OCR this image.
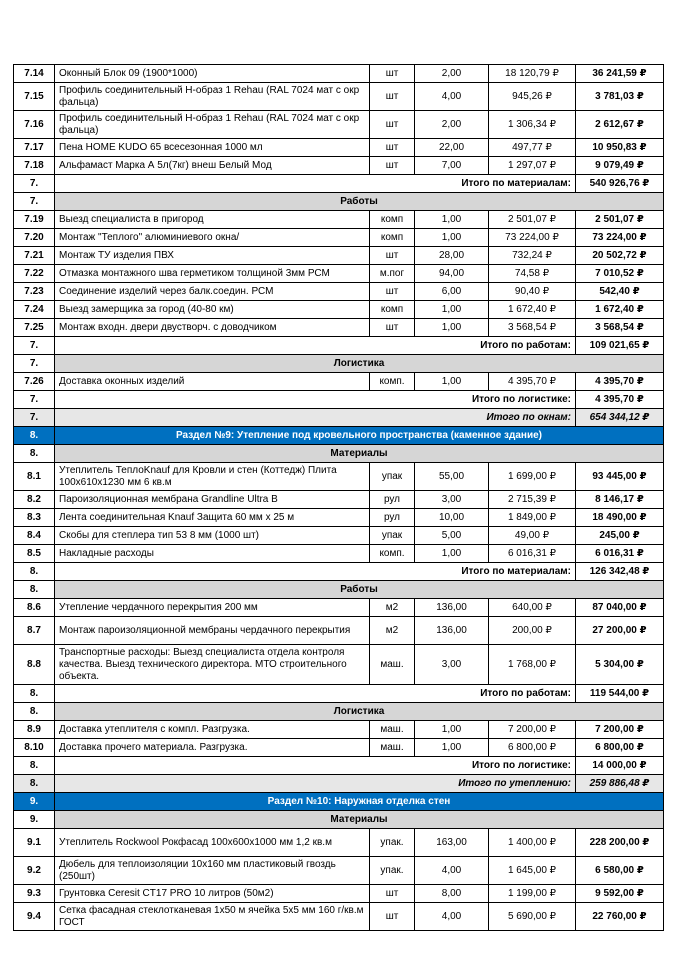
7.14	Оконный Блок 09 (1900*1000)	шт	2,00	18 120,79 ₽	36 241,59 ₽
7.15	Профиль соединительный Н-образ 1 Rehau (RAL 7024 мат с окр фальца)	шт	4,00	945,26 ₽	3 781,03 ₽
7.16	Профиль соединительный Н-образ 1 Rehau (RAL 7024 мат с окр фальца)	шт	2,00	1 306,34 ₽	2 612,67 ₽
7.17	Пена HOME KUDO 65 всесезонная 1000 мл	шт	22,00	497,77 ₽	10 950,83 ₽
7.18	Альфамаст Марка А 5л(7кг) внеш Белый Мод	шт	7,00	1 297,07 ₽	9 079,49 ₽
7.	Итого по материалам:				540 926,76 ₽
7.	Работы				
7.19	Выезд специалиста в пригород	комп	1,00	2 501,07 ₽	2 501,07 ₽
7.20	Монтаж "Теплого" алюминиевого окна/	комп	1,00	73 224,00 ₽	73 224,00 ₽
7.21	Монтаж ТУ изделия ПВХ	шт	28,00	732,24 ₽	20 502,72 ₽
7.22	Отмазка монтажного шва герметиком толщиной 3мм РСМ	м.пог	94,00	74,58 ₽	7 010,52 ₽
7.23	Соединение изделий через балк.соедин. РСМ	шт	6,00	90,40 ₽	542,40 ₽
7.24	Выезд замерщика за город (40-80 км)	комп	1,00	1 672,40 ₽	1 672,40 ₽
7.25	Монтаж входн. двери двустворч. с доводчиком	шт	1,00	3 568,54 ₽	3 568,54 ₽
7.	Итого по работам:				109 021,65 ₽
7.	Логистика				
7.26	Доставка оконных изделий	комп.	1,00	4 395,70 ₽	4 395,70 ₽
7.	Итого по логистике:				4 395,70 ₽
7.	Итого по окнам:				654 344,12 ₽
8.	Раздел №9: Утепление под кровельного пространства (каменное здание)				
8.	Материалы				
8.1	Утеплитель ТеплоKnauf для Кровли и стен (Коттедж) Плита 100х610х1230 мм 6 кв.м	упак	55,00	1 699,00 ₽	93 445,00 ₽
8.2	Пароизоляционная мембрана Grandline Ultra B	рул	3,00	2 715,39 ₽	8 146,17 ₽
8.3	Лента соединительная Knauf Защита 60 мм х 25 м	рул	10,00	1 849,00 ₽	18 490,00 ₽
8.4	Скобы для степлера тип 53 8 мм (1000 шт)	упак	5,00	49,00 ₽	245,00 ₽
8.5	Накладные расходы	комп.	1,00	6 016,31 ₽	6 016,31 ₽
8.	Итого по материалам:				126 342,48 ₽
8.	Работы				
8.6	Утепление чердачного перекрытия 200 мм	м2	136,00	640,00 ₽	87 040,00 ₽
8.7	Монтаж пароизоляционной мембраны чердачного перекрытия	м2	136,00	200,00 ₽	27 200,00 ₽
8.8	Транспортные расходы: Выезд специалиста отдела контроля качества. Выезд технического директора. МТО строительного объекта.	маш.	3,00	1 768,00 ₽	5 304,00 ₽
8.	Итого по работам:				119 544,00 ₽
8.	Логистика				
8.9	Доставка утеплителя с компл. Разгрузка.	маш.	1,00	7 200,00 ₽	7 200,00 ₽
8.10	Доставка прочего материала. Разгрузка.	маш.	1,00	6 800,00 ₽	6 800,00 ₽
8.	Итого по логистике:				14 000,00 ₽
8.	Итого по утеплению:				259 886,48 ₽
9.	Раздел №10: Наружная отделка стен				
9.	Материалы				
9.1	Утеплитель Rockwool Рокфасад 100х600х1000 мм 1,2 кв.м	упак.	163,00	1 400,00 ₽	228 200,00 ₽
9.2	Дюбель для теплоизоляции 10х160 мм пластиковый гвоздь (250шт)	упак.	4,00	1 645,00 ₽	6 580,00 ₽
9.3	Грунтовка Ceresit CT17 PRO 10 литров (50м2)	шт	8,00	1 199,00 ₽	9 592,00 ₽
9.4	Сетка фасадная стеклотканевая 1х50 м ячейка 5х5 мм 160 г/кв.м ГОСТ	шт	4,00	5 690,00 ₽	22 760,00 ₽
